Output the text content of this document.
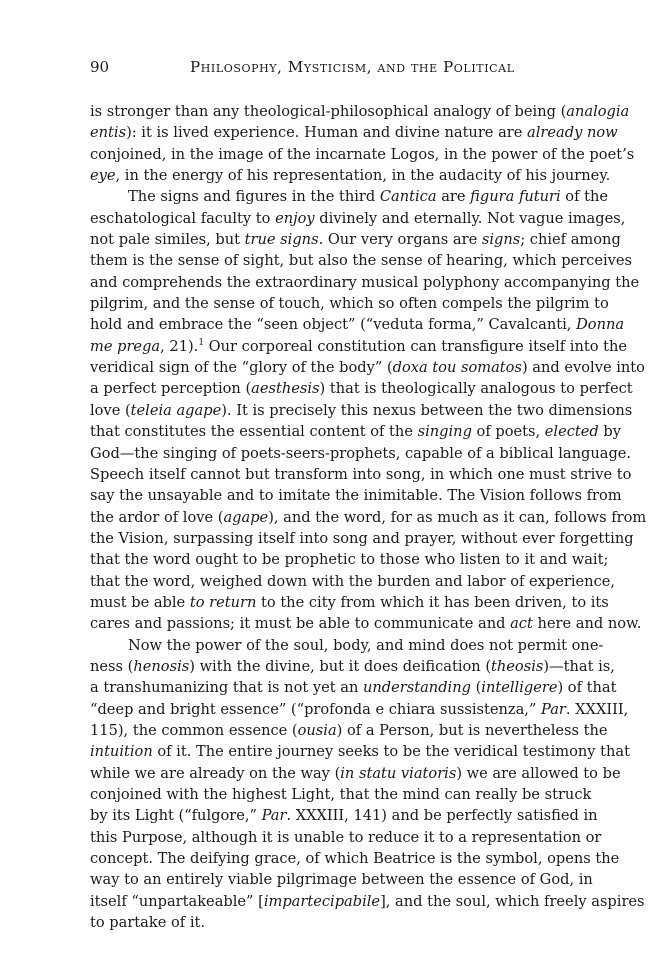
90	Philosophy, Mysticism, and the Political
is stronger than any theological-philosophical analogy of being (analogia
entis): it is lived experience. Human and divine nature are already now
conjoined, in the image of the incarnate Logos, in the power of the poet’s
eye, in the energy of his representation, in the audacity of his journey.
The signs and figures in the third Cantica are figura futuri of the
eschatological faculty to enjoy divinely and eternally. Not vague images,
not pale similes, but true signs. Our very organs are signs; chief among
them is the sense of sight, but also the sense of hearing, which perceives
and comprehends the extraordinary musical polyphony accompanying the
pilgrim, and the sense of touch, which so often compels the pilgrim to
hold and embrace the “seen object” (“veduta forma,” Cavalcanti, Donna
me prega, 21).$^1$ Our corporeal constitution can transfigure itself into the
veridical sign of the “glory of the body” (doxa tou somatos) and evolve into
a perfect perception (aesthesis) that is theologically analogous to perfect
love (teleia agape). It is precisely this nexus between the two dimensions
that constitutes the essential content of the singing of poets, elected by
God—the singing of poets-seers-prophets, capable of a biblical language.
Speech itself cannot but transform into song, in which one must strive to
say the unsayable and to imitate the inimitable. The Vision follows from
the ardor of love (agape), and the word, for as much as it can, follows from
the Vision, surpassing itself into song and prayer, without ever forgetting
that the word ought to be prophetic to those who listen to it and wait;
that the word, weighed down with the burden and labor of experience,
must be able to return to the city from which it has been driven, to its
cares and passions; it must be able to communicate and act here and now.
Now the power of the soul, body, and mind does not permit one-
ness (henosis) with the divine, but it does deification (theosis)—that is,
a transhumanizing that is not yet an understanding (intelligere) of that
“deep and bright essence” (“profonda e chiara sussistenza,” Par. XXXIII,
115), the common essence (ousia) of a Person, but is nevertheless the
intuition of it. The entire journey seeks to be the veridical testimony that
while we are already on the way (in statu viatoris) we are allowed to be
conjoined with the highest Light, that the mind can really be struck
by its Light (“fulgore,” Par. XXXIII, 141) and be perfectly satisfied in
this Purpose, although it is unable to reduce it to a representation or
concept. The deifying grace, of which Beatrice is the symbol, opens the
way to an entirely viable pilgrimage between the essence of God, in
itself “unpartakeable” [impartecipabile], and the soul, which freely aspires
to partake of it.
